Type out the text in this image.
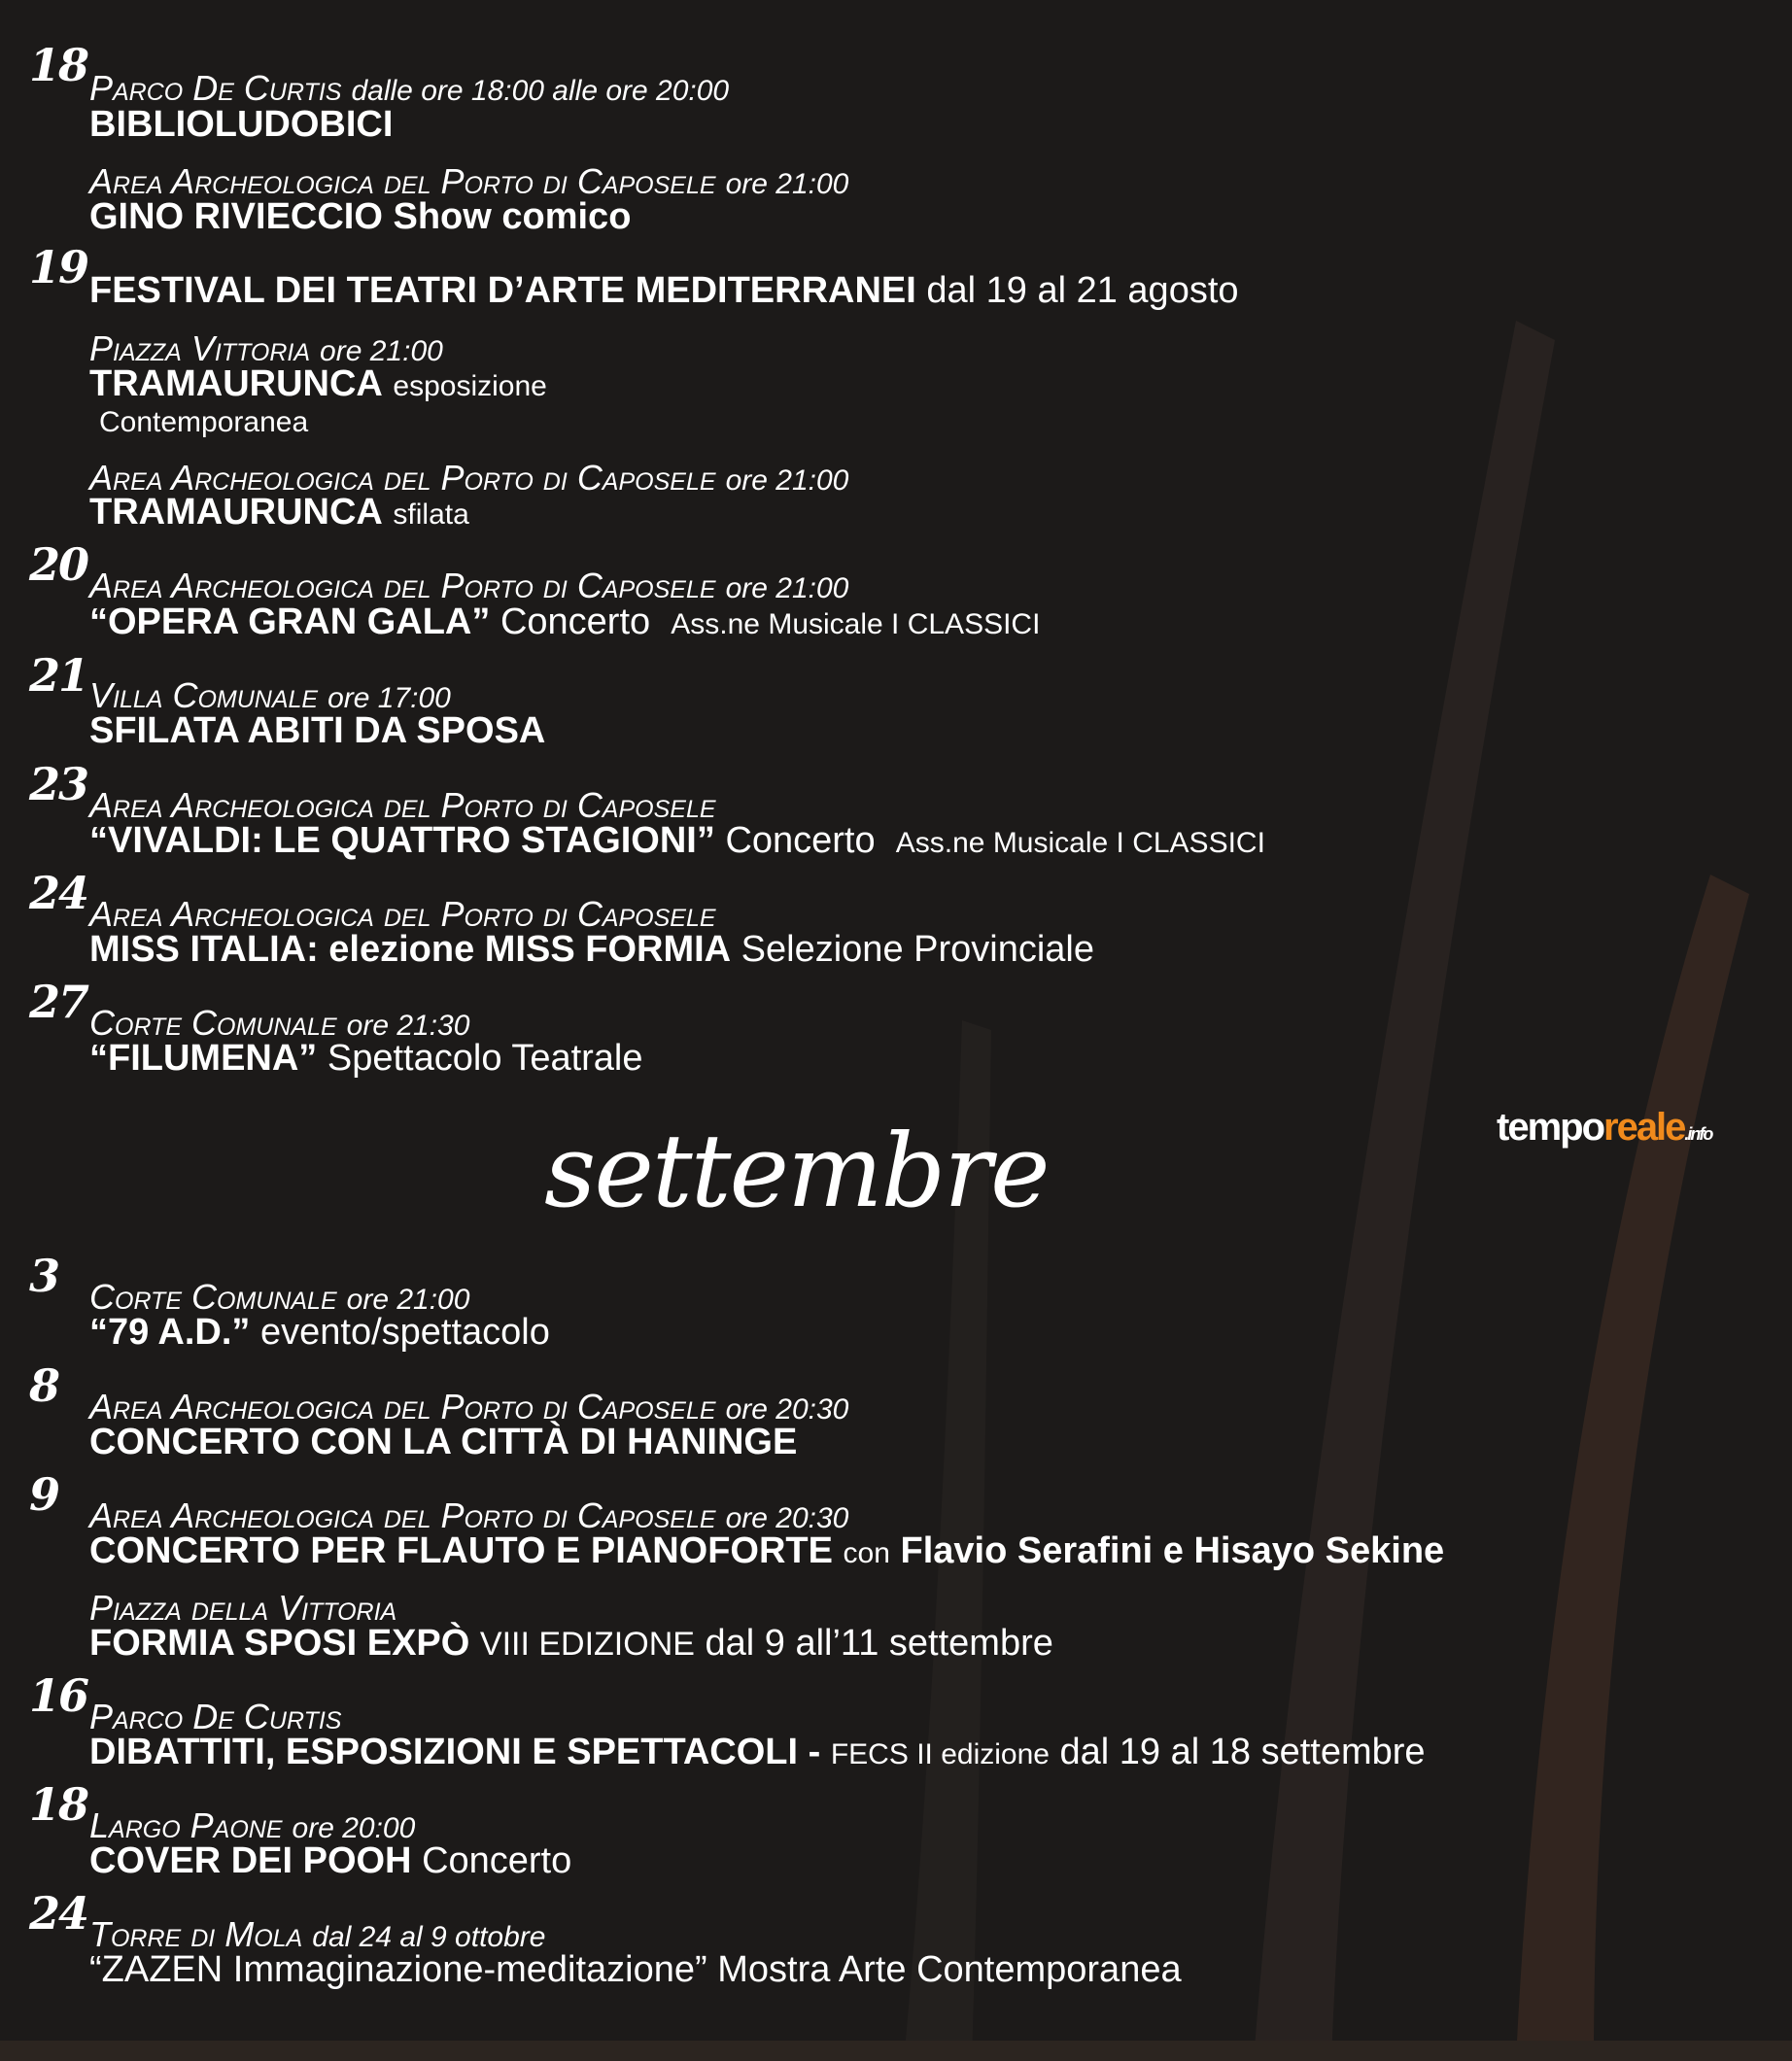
18 Parco De Curtis dalle ore 18:00 alle ore 20:00
BIBLIOLUDOBICI
Area Archeologica del Porto di Caposele ore 21:00
GINO RIVIECCIO Show comico
19 FESTIVAL DEI TEATRI D’ARTE MEDITERRANEI dal 19 al 21 agosto
Piazza Vittoria ore 21:00
TRAMAURUNCA esposizione
Contemporanea
Area Archeologica del Porto di Caposele ore 21:00
TRAMAURUNCA sfilata
20 Area Archeologica del Porto di Caposele ore 21:00
“OPERA GRAN GALA” Concerto Ass.ne Musicale I CLASSICI
21 Villa Comunale ore 17:00
SFILATA ABITI DA SPOSA
23 Area Archeologica del Porto di Caposele
“VIVALDI: LE QUATTRO STAGIONI” Concerto Ass.ne Musicale I CLASSICI
24 Area Archeologica del Porto di Caposele
MISS ITALIA: elezione MISS FORMIA Selezione Provinciale
27 Corte Comunale ore 21:30
“FILUMENA” Spettacolo Teatrale
temporeale.info
settembre
3 Corte Comunale ore 21:00
“79 A.D.” evento/spettacolo
8 Area Archeologica del Porto di Caposele ore 20:30
CONCERTO CON LA CITTÀ DI HANINGE
9 Area Archeologica del Porto di Caposele ore 20:30
CONCERTO PER FLAUTO E PIANOFORTE con Flavio Serafini e Hisayo Sekine
Piazza della Vittoria
FORMIA SPOSI EXPÒ VIII EDIZIONE dal 9 all’11 settembre
16 Parco De Curtis
DIBATTITI, ESPOSIZIONI E SPETTACOLI - FECS II edizione dal 19 al 18 settembre
18 Largo Paone ore 20:00
COVER DEI POOH Concerto
24 Torre di Mola dal 24 al 9 ottobre
“ZAZEN Immaginazione-meditazione” Mostra Arte Contemporanea
